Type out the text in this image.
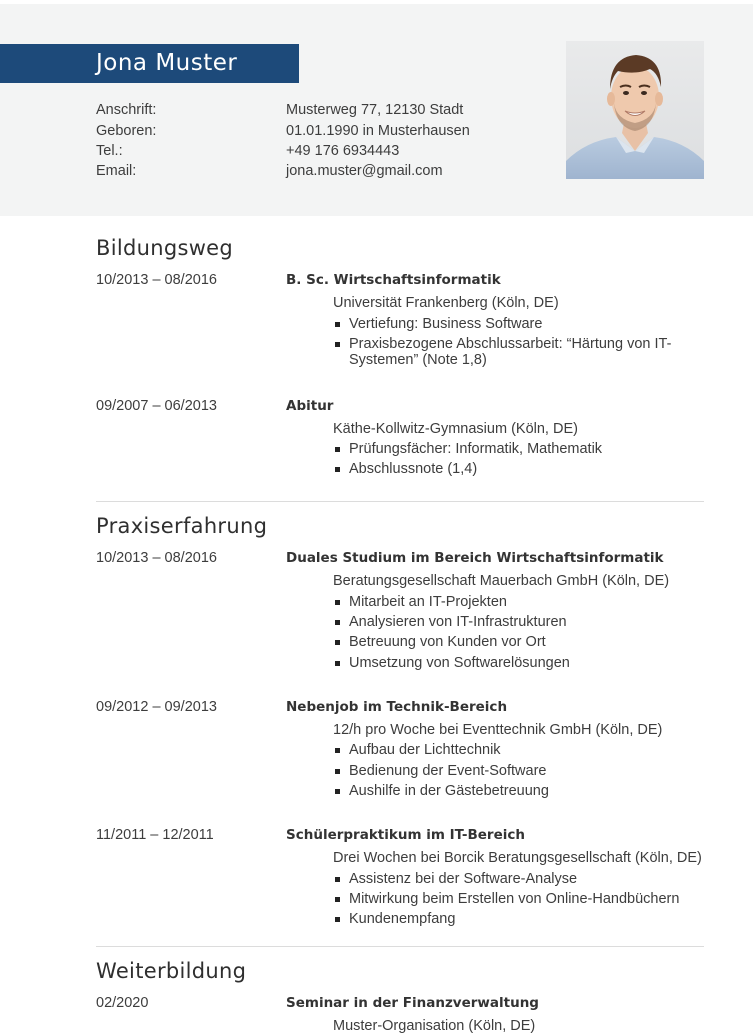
Jona Muster
Anschrift:	Musterweg 77, 12130 Stadt
Geboren:	01.01.1990 in Musterhausen
Tel.:	+49 176 6934443
Email:	jona.muster@gmail.com
Bildungsweg
10/2013 – 08/2016	B. Sc. Wirtschaftsinformatik
Universität Frankenberg (Köln, DE)
Vertiefung: Business Software
Praxisbezogene Abschlussarbeit: “Härtung von IT-Systemen” (Note 1,8)
09/2007 – 06/2013	Abitur
Käthe-Kollwitz-Gymnasium (Köln, DE)
Prüfungsfächer: Informatik, Mathematik
Abschlussnote (1,4)
Praxiserfahrung
10/2013 – 08/2016	Duales Studium im Bereich Wirtschaftsinformatik
Beratungsgesellschaft Mauerbach GmbH (Köln, DE)
Mitarbeit an IT-Projekten
Analysieren von IT-Infrastrukturen
Betreuung von Kunden vor Ort
Umsetzung von Softwarelösungen
09/2012 – 09/2013	Nebenjob im Technik-Bereich
12/h pro Woche bei Eventtechnik GmbH (Köln, DE)
Aufbau der Lichttechnik
Bedienung der Event-Software
Aushilfe in der Gästebetreuung
11/2011 – 12/2011	Schülerpraktikum im IT-Bereich
Drei Wochen bei Borcik Beratungsgesellschaft (Köln, DE)
Assistenz bei der Software-Analyse
Mitwirkung beim Erstellen von Online-Handbüchern
Kundenempfang
Weiterbildung
02/2020	Seminar in der Finanzverwaltung
Muster-Organisation (Köln, DE)
